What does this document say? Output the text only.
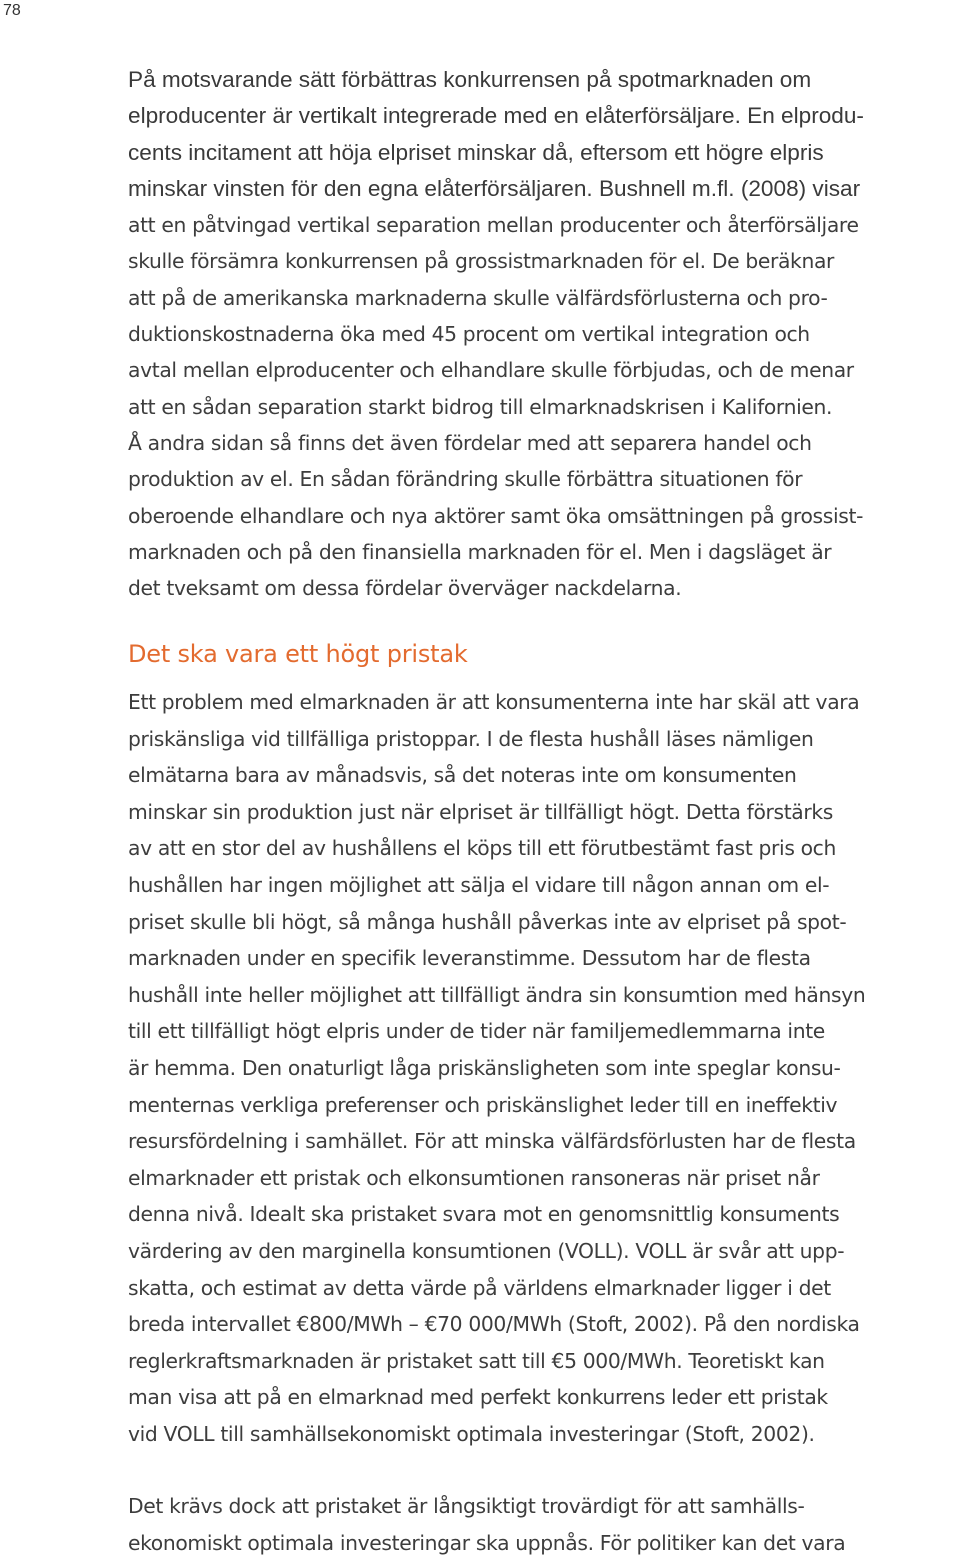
78
På motsvarande sätt förbättras konkurrensen på spotmarknaden om
elproducenter är vertikalt integrerade med en elåterförsäljare. En elprodu-
cents incitament att höja elpriset minskar då, eftersom ett högre elpris
minskar vinsten för den egna elåterförsäljaren. Bushnell m.fl. (2008) visar
att en påtvingad vertikal separation mellan producenter och återförsäljare
skulle försämra konkurrensen på grossistmarknaden för el. De beräknar
att på de amerikanska marknaderna skulle välfärdsförlusterna och pro-
duktionskostnaderna öka med 45 procent om vertikal integration och
avtal mellan elproducenter och elhandlare skulle förbjudas, och de menar
att en sådan separation starkt bidrog till elmarknadskrisen i Kalifornien.
Å andra sidan så finns det även fördelar med att separera handel och
produktion av el. En sådan förändring skulle förbättra situationen för
oberoende elhandlare och nya aktörer samt öka omsättningen på grossist-
marknaden och på den finansiella marknaden för el. Men i dagsläget är
det tveksamt om dessa fördelar överväger nackdelarna.
Det ska vara ett högt pristak
Ett problem med elmarknaden är att konsumenterna inte har skäl att vara
priskänsliga vid tillfälliga pristoppar. I de flesta hushåll läses nämligen
elmätarna bara av månadsvis, så det noteras inte om konsumenten
minskar sin produktion just när elpriset är tillfälligt högt. Detta förstärks
av att en stor del av hushållens el köps till ett förutbestämt fast pris och
hushållen har ingen möjlighet att sälja el vidare till någon annan om el-
priset skulle bli högt, så många hushåll påverkas inte av elpriset på spot-
marknaden under en specifik leveranstimme. Dessutom har de flesta
hushåll inte heller möjlighet att tillfälligt ändra sin konsumtion med hänsyn
till ett tillfälligt högt elpris under de tider när familjemedlemmarna inte
är hemma. Den onaturligt låga priskänsligheten som inte speglar konsu-
menternas verkliga preferenser och priskänslighet leder till en ineffektiv
resursfördelning i samhället. För att minska välfärdsförlusten har de flesta
elmarknader ett pristak och elkonsumtionen ransoneras när priset når
denna nivå. Idealt ska pristaket svara mot en genomsnittlig konsuments
värdering av den marginella konsumtionen (VOLL). VOLL är svår att upp-
skatta, och estimat av detta värde på världens elmarknader ligger i det
breda intervallet €800/MWh – €70 000/MWh (Stoft, 2002). På den nordiska
reglerkraftsmarknaden är pristaket satt till €5 000/MWh. Teoretiskt kan
man visa att på en elmarknad med perfekt konkurrens leder ett pristak
vid VOLL till samhällsekonomiskt optimala investeringar (Stoft, 2002).
Det krävs dock att pristaket är långsiktigt trovärdigt för att samhälls-
ekonomiskt optimala investeringar ska uppnås. För politiker kan det vara
